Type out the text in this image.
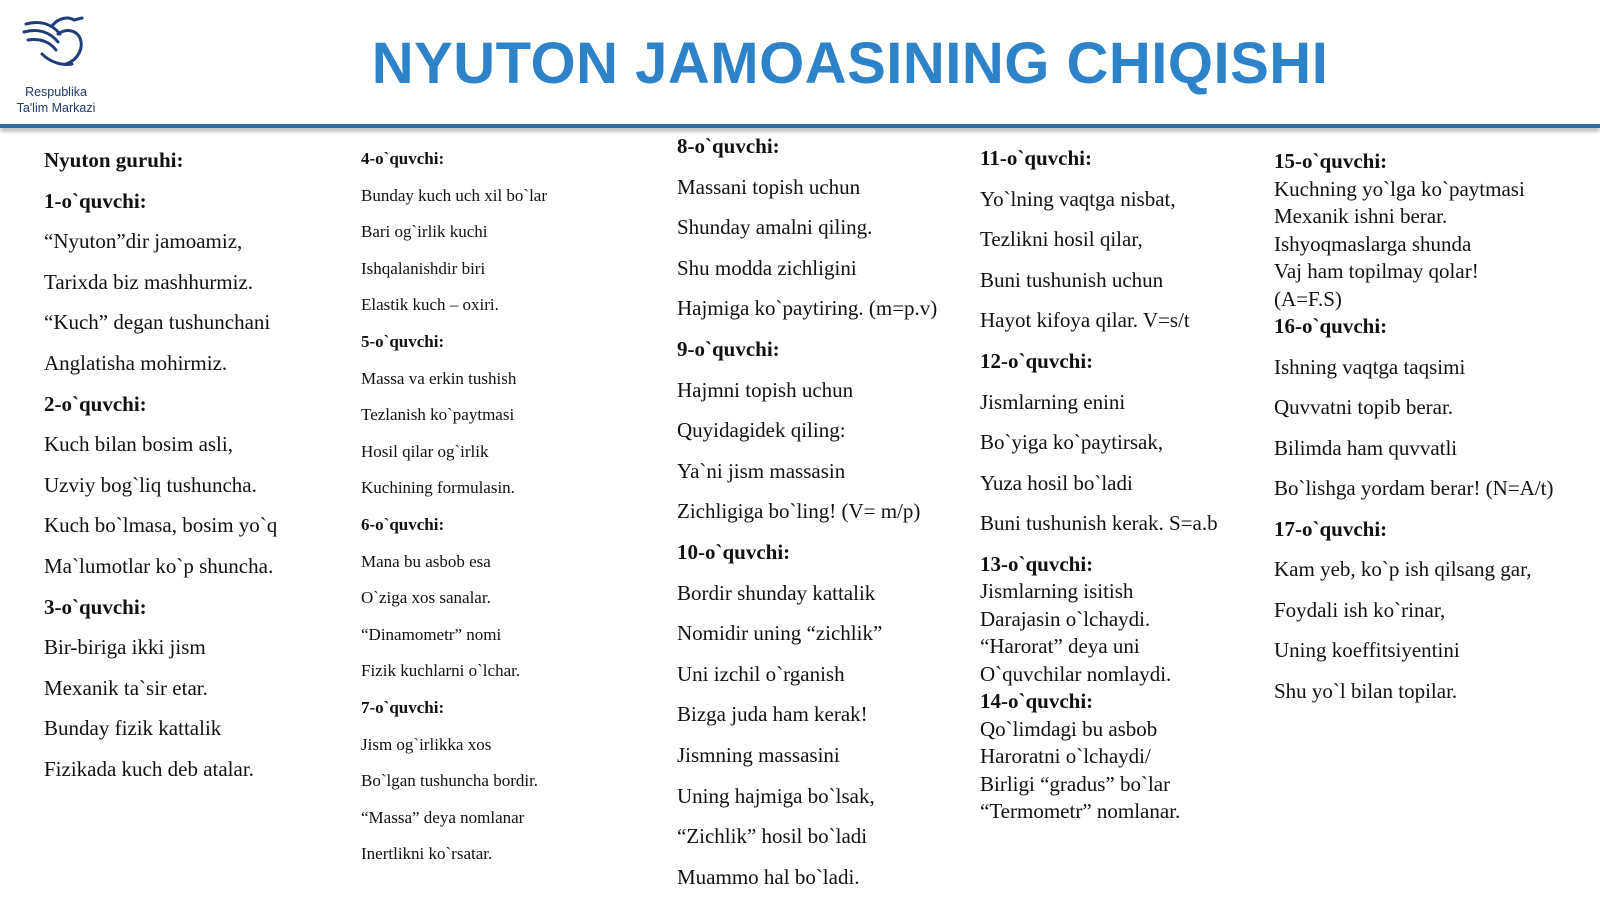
Respublika
Ta'lim Markazi
NYUTON JAMOASINING CHIQISHI
Nyuton guruhi:
1-o`quvchi:
“Nyuton”dir jamoamiz,
Tarixda biz mashhurmiz.
“Kuch” degan tushunchani
Anglatisha mohirmiz.
2-o`quvchi:
Kuch bilan bosim asli,
Uzviy bog`liq tushuncha.
Kuch bo`lmasa, bosim yo`q
Ma`lumotlar ko`p shuncha.
3-o`quvchi:
Bir-biriga ikki jism
Mexanik ta`sir etar.
Bunday fizik kattalik
Fizikada kuch deb atalar.
4-o`quvchi:
Bunday kuch uch xil bo`lar
Bari og`irlik kuchi
Ishqalanishdir biri
Elastik kuch – oxiri.
5-o`quvchi:
Massa va erkin tushish
Tezlanish ko`paytmasi
Hosil qilar og`irlik
Kuchining formulasin.
6-o`quvchi:
Mana bu asbob esa
O`ziga xos sanalar.
“Dinamometr” nomi
Fizik kuchlarni o`lchar.
7-o`quvchi:
Jism og`irlikka xos
Bo`lgan tushuncha bordir.
“Massa” deya nomlanar
Inertlikni ko`rsatar.
8-o`quvchi:
Massani topish uchun
Shunday amalni qiling.
Shu modda zichligini
Hajmiga ko`paytiring. (m=p.v)
9-o`quvchi:
Hajmni topish uchun
Quyidagidek qiling:
Ya`ni jism massasin
Zichligiga bo`ling! (V= m/p)
10-o`quvchi:
Bordir shunday kattalik
Nomidir uning “zichlik”
Uni izchil o`rganish
Bizga juda ham kerak!
Jismning massasini
Uning hajmiga bo`lsak,
“Zichlik” hosil bo`ladi
Muammo hal bo`ladi.
11-o`quvchi:
Yo`lning vaqtga nisbat,
Tezlikni hosil qilar,
Buni tushunish uchun
Hayot kifoya qilar. V=s/t
12-o`quvchi:
Jismlarning enini
Bo`yiga ko`paytirsak,
Yuza hosil bo`ladi
Buni tushunish kerak. S=a.b
13-o`quvchi:
Jismlarning isitish
Darajasin o`lchaydi.
“Harorat” deya uni
O`quvchilar nomlaydi.
14-o`quvchi:
Qo`limdagi bu asbob
Haroratni o`lchaydi/
Birligi “gradus” bo`lar
“Termometr” nomlanar.
15-o`quvchi:
Kuchning yo`lga ko`paytmasi
Mexanik ishni berar.
Ishyoqmaslarga shunda
Vaj ham topilmay qolar!
(A=F.S)
16-o`quvchi:
Ishning vaqtga taqsimi
Quvvatni topib berar.
Bilimda ham quvvatli
Bo`lishga yordam berar! (N=A/t)
17-o`quvchi:
Kam yeb, ko`p ish qilsang gar,
Foydali ish ko`rinar,
Uning koeffitsiyentini
Shu yo`l bilan topilar.
